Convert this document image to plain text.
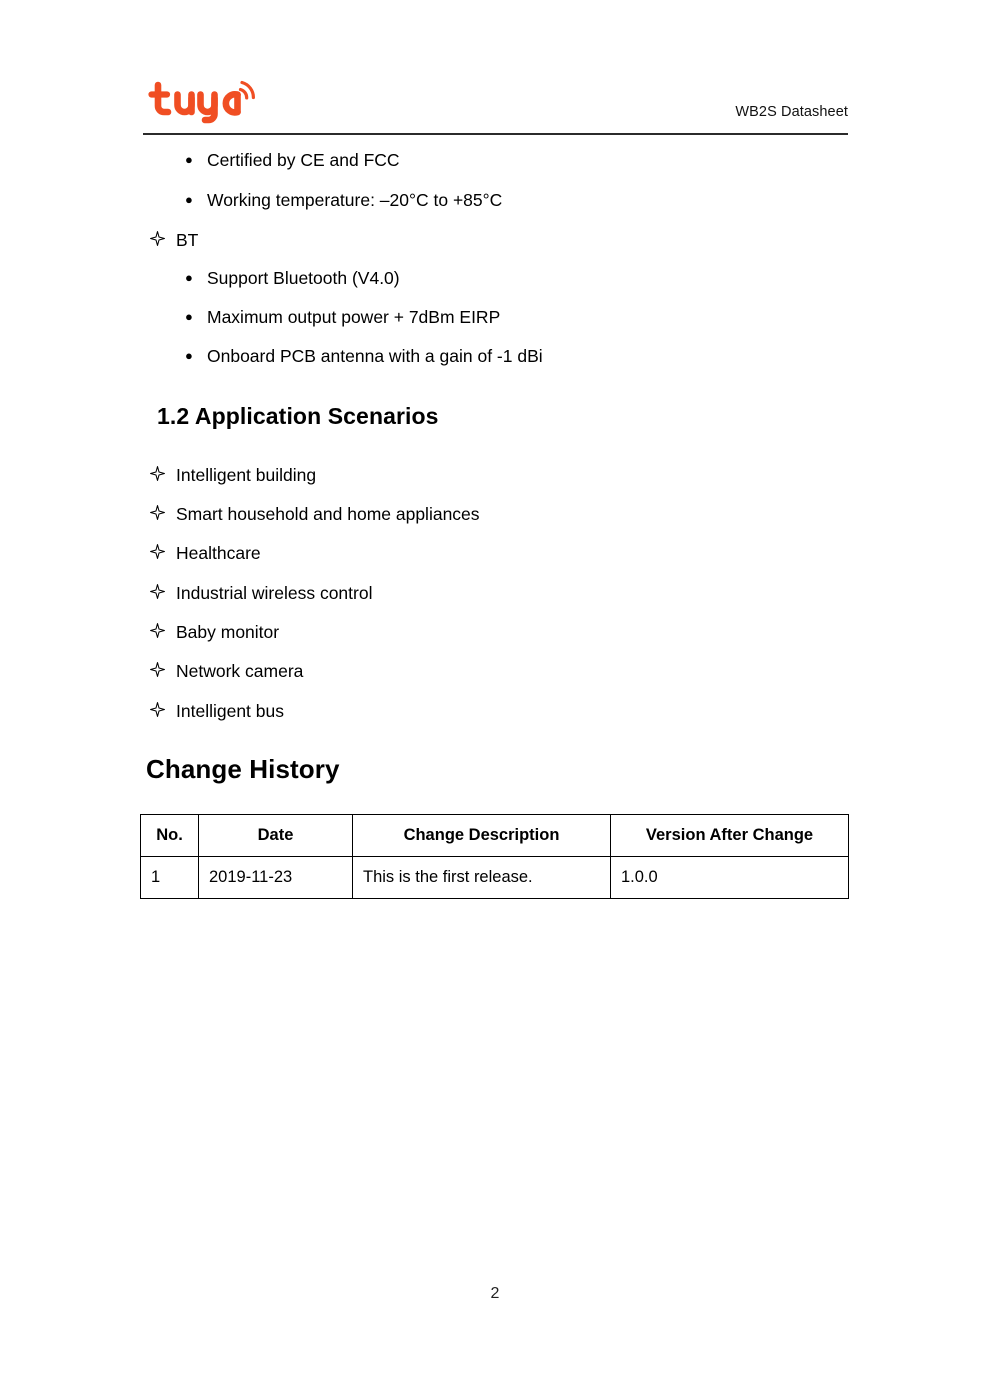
WB2S Datasheet
● Certified by CE and FCC
● Working temperature: –20°C to +85°C
BT
● Support Bluetooth (V4.0)
● Maximum output power + 7dBm EIRP
● Onboard PCB antenna with a gain of -1 dBi
1.2 Application Scenarios
Intelligent building
Smart household and home appliances
Healthcare
Industrial wireless control
Baby monitor
Network camera
Intelligent bus
Change History
No.	Date	Change Description	Version After Change
1	2019-11-23	This is the first release.	1.0.0
2
